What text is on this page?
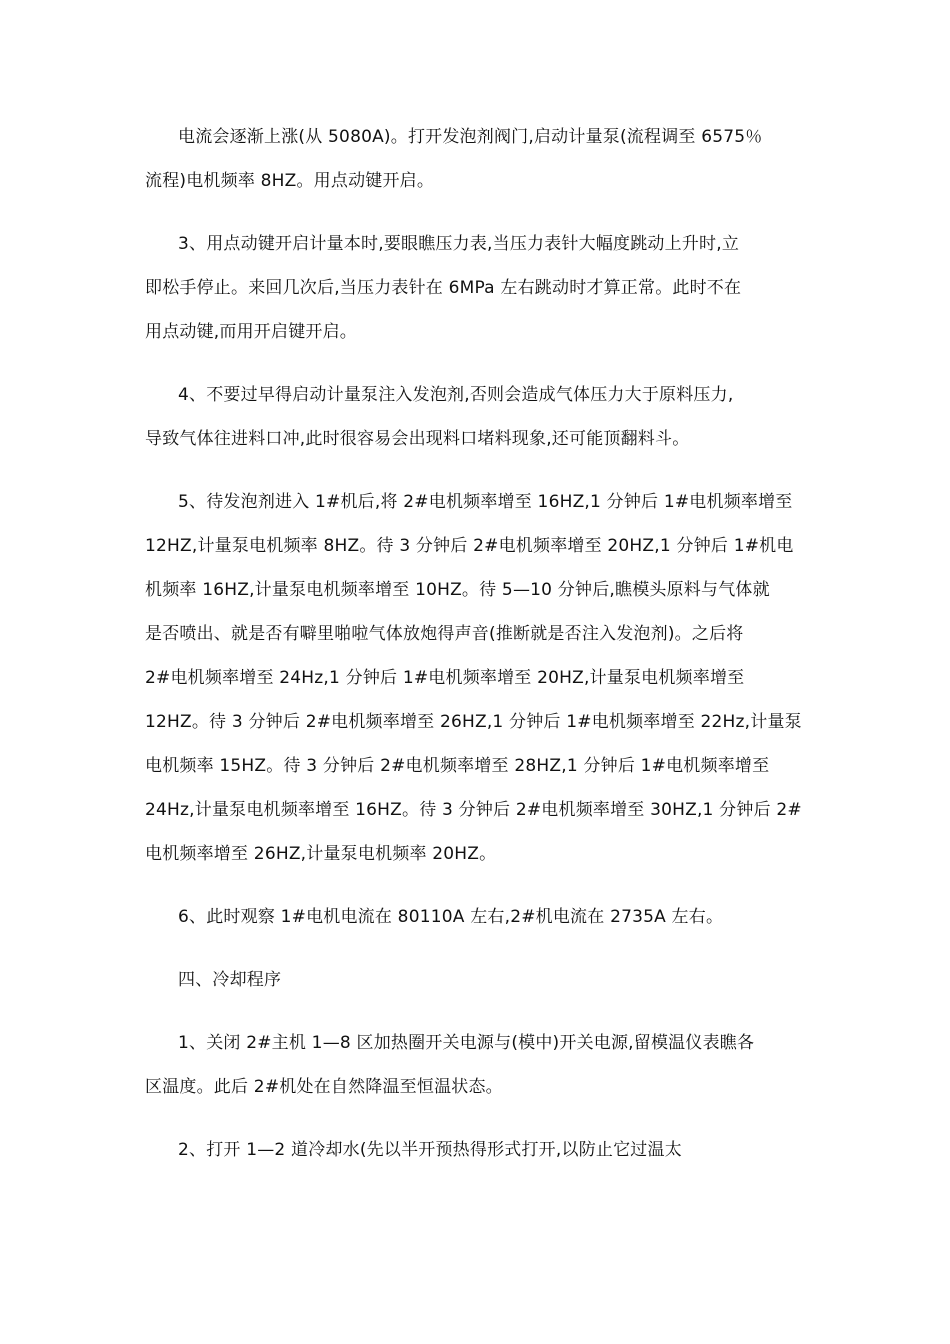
电流会逐渐上涨(从 5080A)。打开发泡剂阀门,启动计量泵(流程调至 6575％
流程)电机频率 8HZ。用点动键开启。
3、用点动键开启计量本时,要眼瞧压力表,当压力表针大幅度跳动上升时,立
即松手停止。来回几次后,当压力表针在 6MPa 左右跳动时才算正常。此时不在
用点动键,而用开启键开启。
4、不要过早得启动计量泵注入发泡剂,否则会造成气体压力大于原料压力,
导致气体往进料口冲,此时很容易会出现料口堵料现象,还可能顶翻料斗。
5、待发泡剂进入 1#机后,将 2#电机频率增至 16HZ,1 分钟后 1#电机频率增至
12HZ,计量泵电机频率 8HZ。待 3 分钟后 2#电机频率增至 20HZ,1 分钟后 1#机电
机频率 16HZ,计量泵电机频率增至 10HZ。待 5—10 分钟后,瞧模头原料与气体就
是否喷出、就是否有噼里啪啦气体放炮得声音(推断就是否注入发泡剂)。之后将
2#电机频率增至 24Hz,1 分钟后 1#电机频率增至 20HZ,计量泵电机频率增至
12HZ。待 3 分钟后 2#电机频率增至 26HZ,1 分钟后 1#电机频率增至 22Hz,计量泵
电机频率 15HZ。待 3 分钟后 2#电机频率增至 28HZ,1 分钟后 1#电机频率增至
24Hz,计量泵电机频率增至 16HZ。待 3 分钟后 2#电机频率增至 30HZ,1 分钟后 2#
电机频率增至 26HZ,计量泵电机频率 20HZ。
6、此时观察 1#电机电流在 80110A 左右,2#机电流在 2735A 左右。
四、冷却程序
1、关闭 2#主机 1—8 区加热圈开关电源与(模中)开关电源,留模温仪表瞧各
区温度。此后 2#机处在自然降温至恒温状态。
2、打开 1—2 道冷却水(先以半开预热得形式打开,以防止它过温太
